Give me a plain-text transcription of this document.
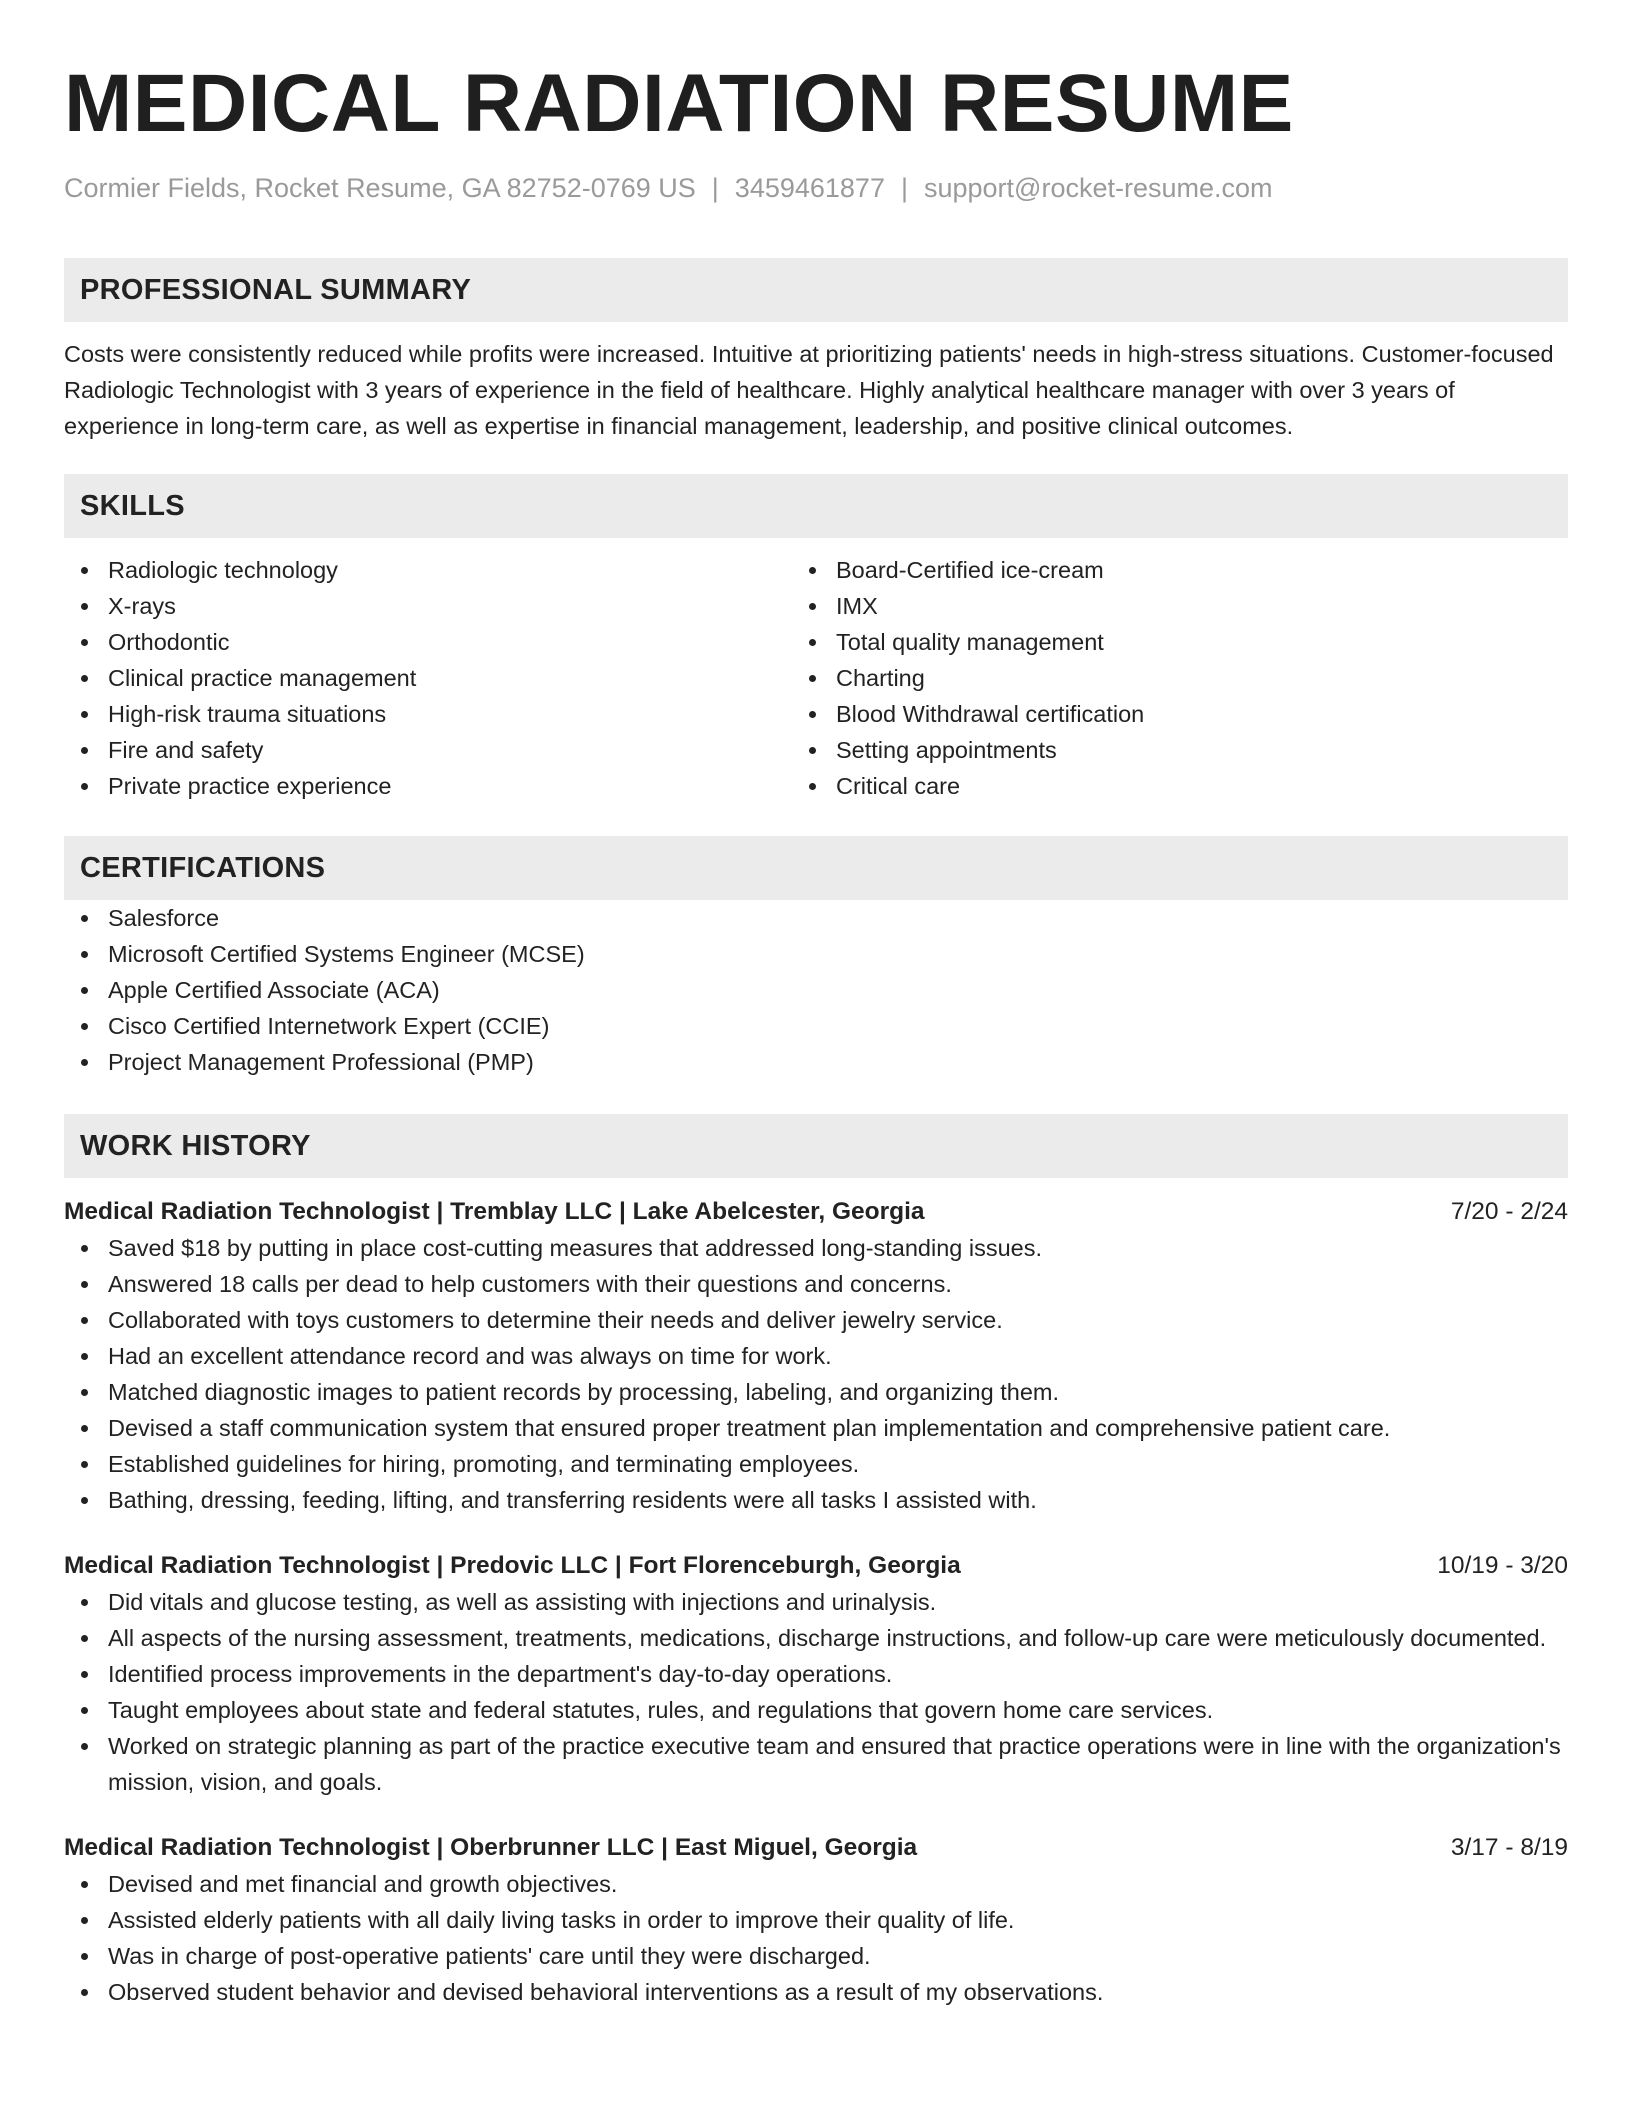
MEDICAL RADIATION RESUME
Cormier Fields, Rocket Resume, GA 82752-0769 US | 3459461877 | support@rocket-resume.com
PROFESSIONAL SUMMARY

Costs were consistently reduced while profits were increased. Intuitive at prioritizing patients' needs in high-stress situations. Customer-focused Radiologic Technologist with 3 years of experience in the field of healthcare. Highly analytical healthcare manager with over 3 years of experience in long-term care, as well as expertise in financial management, leadership, and positive clinical outcomes.

SKILLS
Radiologic technology
X-rays
Orthodontic
Clinical practice management
High-risk trauma situations
Fire and safety
Private practice experience
Board-Certified ice-cream
IMX
Total quality management
Charting
Blood Withdrawal certification
Setting appointments
Critical care
CERTIFICATIONS
Salesforce
Microsoft Certified Systems Engineer (MCSE)
Apple Certified Associate (ACA)
Cisco Certified Internetwork Expert (CCIE)
Project Management Professional (PMP)
WORK HISTORY
Medical Radiation Technologist | Tremblay LLC | Lake Abelcester, Georgia	7/20 - 2/24
Saved $18 by putting in place cost-cutting measures that addressed long-standing issues.
Answered 18 calls per dead to help customers with their questions and concerns.
Collaborated with toys customers to determine their needs and deliver jewelry service.
Had an excellent attendance record and was always on time for work.
Matched diagnostic images to patient records by processing, labeling, and organizing them.
Devised a staff communication system that ensured proper treatment plan implementation and comprehensive patient care.
Established guidelines for hiring, promoting, and terminating employees.
Bathing, dressing, feeding, lifting, and transferring residents were all tasks I assisted with.
Medical Radiation Technologist | Predovic LLC | Fort Florenceburgh, Georgia	10/19 - 3/20
Did vitals and glucose testing, as well as assisting with injections and urinalysis.
All aspects of the nursing assessment, treatments, medications, discharge instructions, and follow-up care were meticulously documented.
Identified process improvements in the department's day-to-day operations.
Taught employees about state and federal statutes, rules, and regulations that govern home care services.
Worked on strategic planning as part of the practice executive team and ensured that practice operations were in line with the organization's mission, vision, and goals.
Medical Radiation Technologist | Oberbrunner LLC | East Miguel, Georgia	3/17 - 8/19
Devised and met financial and growth objectives.
Assisted elderly patients with all daily living tasks in order to improve their quality of life.
Was in charge of post-operative patients' care until they were discharged.
Observed student behavior and devised behavioral interventions as a result of my observations.
